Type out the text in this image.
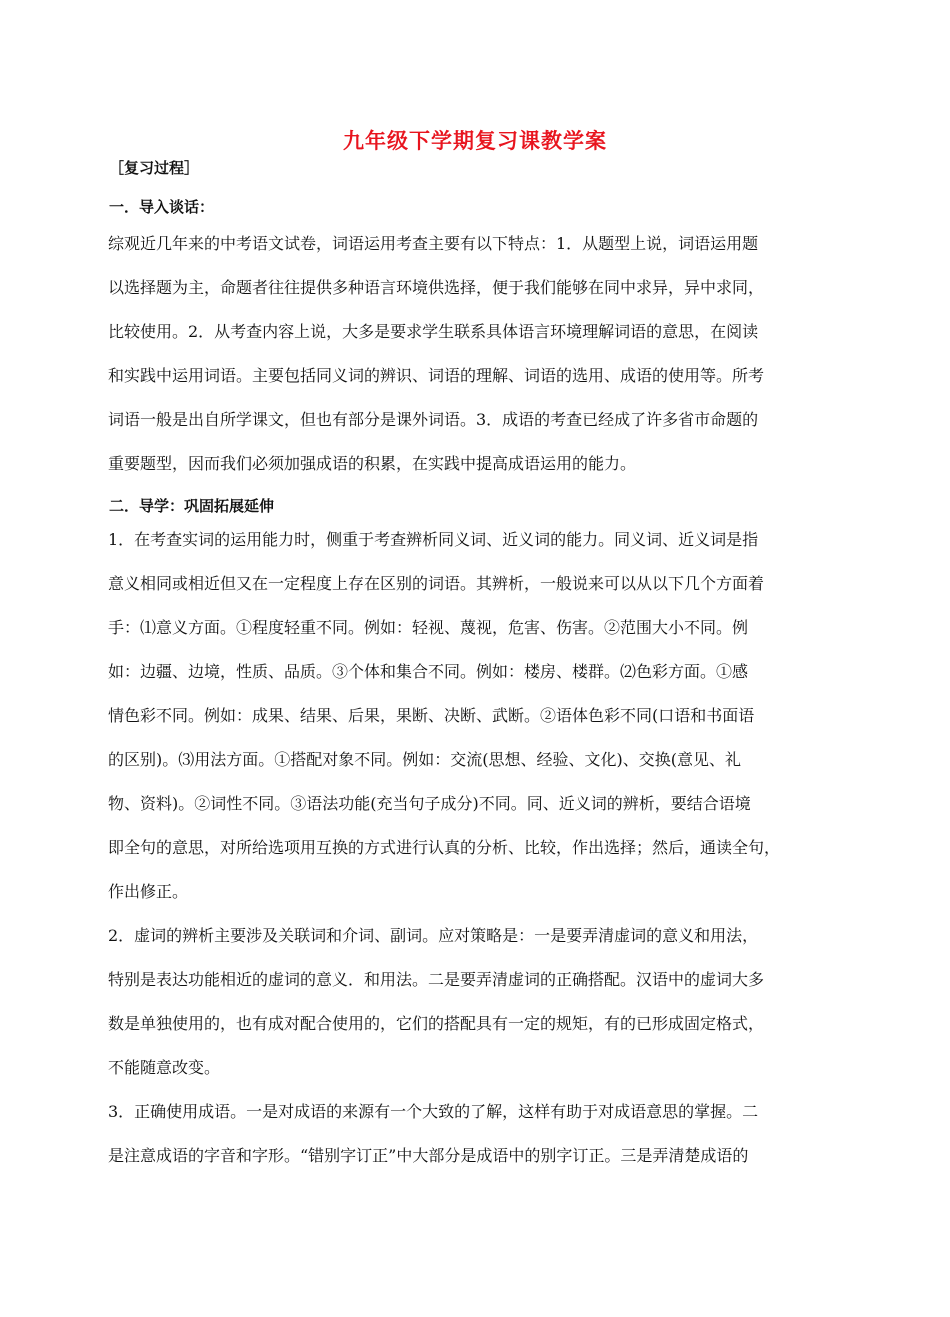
九年级下学期复习课教学案
［复习过程］
一．导入谈话：
综观近几年来的中考语文试卷，词语运用考查主要有以下特点：1．从题型上说，词语运用题
以选择题为主，命题者往往提供多种语言环境供选择，便于我们能够在同中求异，异中求同，
比较使用。2．从考查内容上说，大多是要求学生联系具体语言环境理解词语的意思，在阅读
和实践中运用词语。主要包括同义词的辨识、词语的理解、词语的选用、成语的使用等。所考
词语一般是出自所学课文，但也有部分是课外词语。3．成语的考查已经成了许多省市命题的
重要题型，因而我们必须加强成语的积累，在实践中提高成语运用的能力。
二．导学：巩固拓展延伸
1．在考查实词的运用能力时，侧重于考查辨析同义词、近义词的能力。同义词、近义词是指
意义相同或相近但又在一定程度上存在区别的词语。其辨析，一般说来可以从以下几个方面着
手：⑴意义方面。①程度轻重不同。例如：轻视、蔑视，危害、伤害。②范围大小不同。例
如：边疆、边境，性质、品质。③个体和集合不同。例如：楼房、楼群。⑵色彩方面。①感
情色彩不同。例如：成果、结果、后果，果断、决断、武断。②语体色彩不同(口语和书面语
的区别)。⑶用法方面。①搭配对象不同。例如：交流(思想、经验、文化)、交换(意见、礼
物、资料)。②词性不同。③语法功能(充当句子成分)不同。同、近义词的辨析，要结合语境
即全句的意思，对所给选项用互换的方式进行认真的分析、比较，作出选择；然后，通读全句，
作出修正。
2．虚词的辨析主要涉及关联词和介词、副词。应对策略是：一是要弄清虚词的意义和用法，
特别是表达功能相近的虚词的意义．和用法。二是要弄清虚词的正确搭配。汉语中的虚词大多
数是单独使用的，也有成对配合使用的，它们的搭配具有一定的规矩，有的已形成固定格式，
不能随意改变。
3．正确使用成语。一是对成语的来源有一个大致的了解，这样有助于对成语意思的掌握。二
是注意成语的字音和字形。“错别字订正”中大部分是成语中的别字订正。三是弄清楚成语的
